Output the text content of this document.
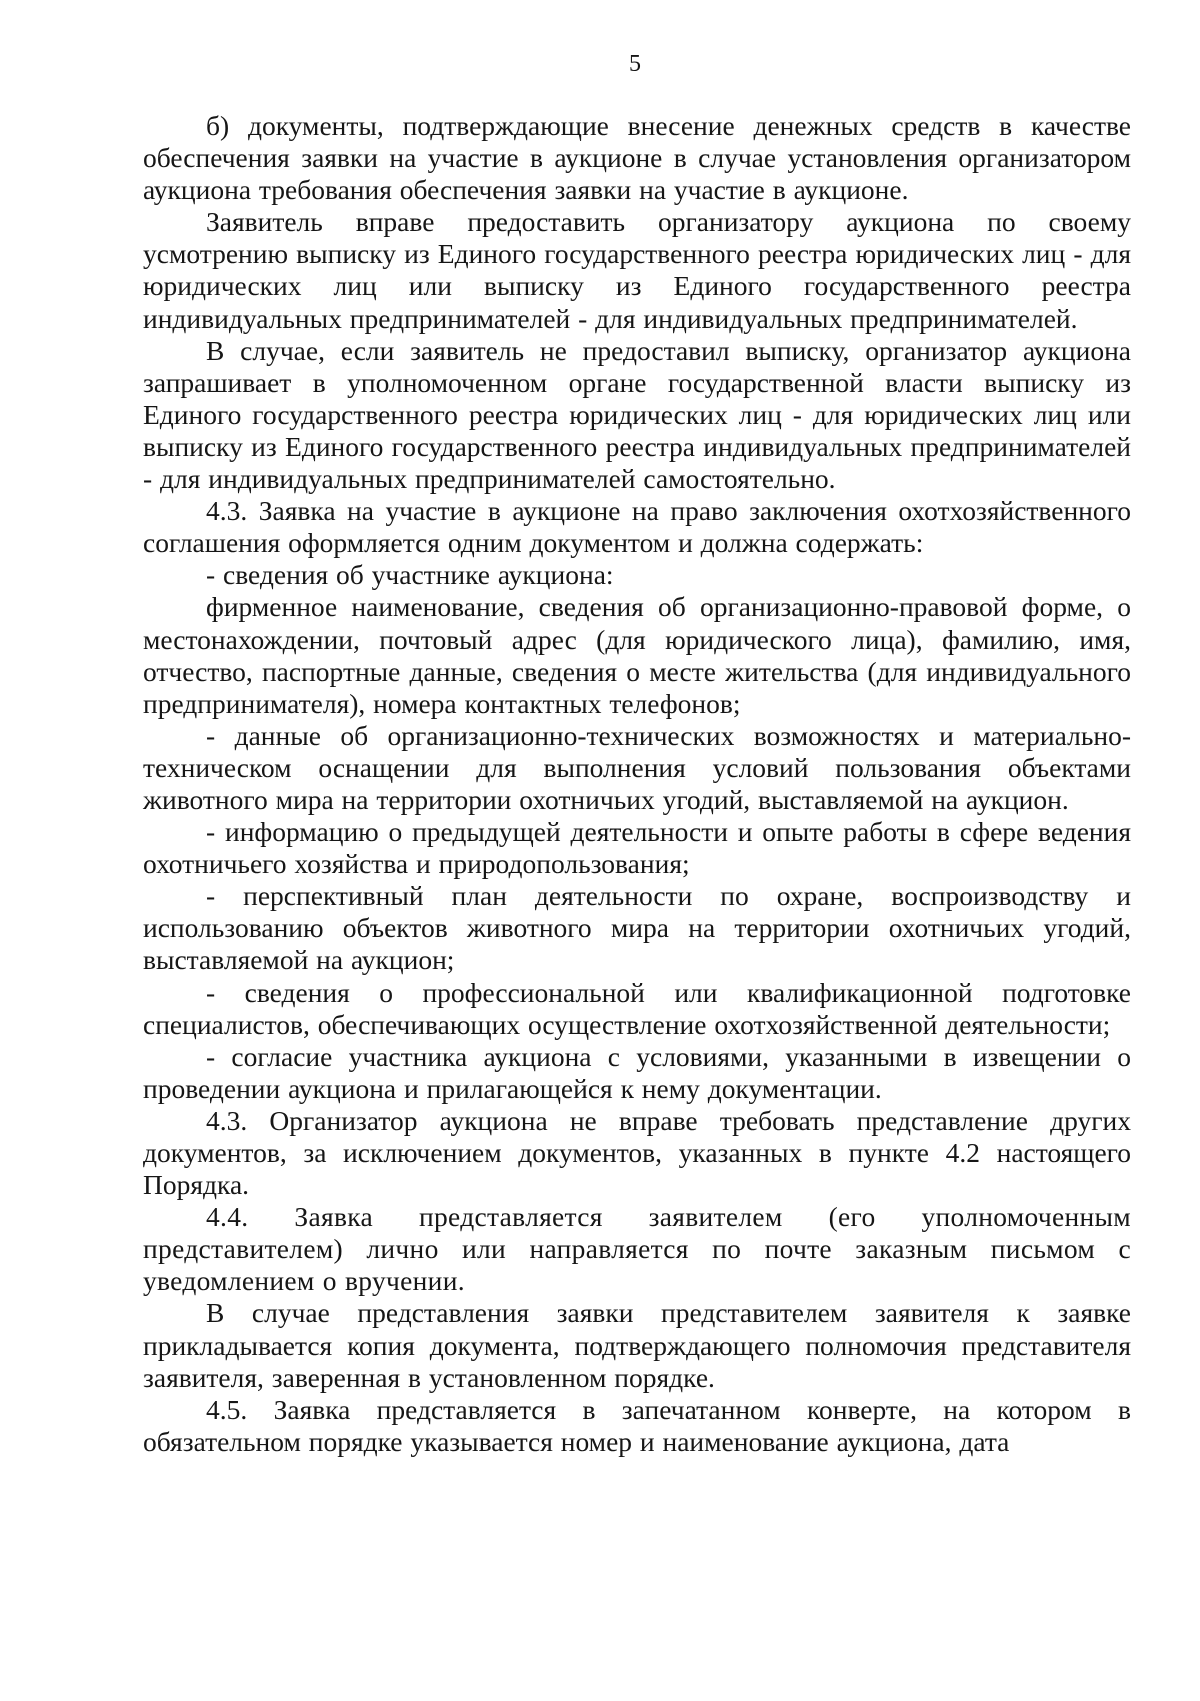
5

б) документы, подтверждающие внесение денежных средств в качестве обеспечения заявки на участие в аукционе в случае установления организатором аукциона требования обеспечения заявки на участие в аукционе.

Заявитель вправе предоставить организатору аукциона по своему усмотрению выписку из Единого государственного реестра юридических лиц - для юридических лиц или выписку из Единого государственного реестра индивидуальных предпринимателей - для индивидуальных предпринимателей.

В случае, если заявитель не предоставил выписку, организатор аукциона запрашивает в уполномоченном органе государственной власти выписку из Единого государственного реестра юридических лиц - для юридических лиц или выписку из Единого государственного реестра индивидуальных предпринимателей - для индивидуальных предпринимателей самостоятельно.

4.3. Заявка на участие в аукционе на право заключения охотхозяйственного соглашения оформляется одним документом и должна содержать:

- сведения об участнике аукциона:

фирменное наименование, сведения об организационно-правовой форме, о местонахождении, почтовый адрес (для юридического лица), фамилию, имя, отчество, паспортные данные, сведения о месте жительства (для индивидуального предпринимателя), номера контактных телефонов;

- данные об организационно-технических возможностях и материально-техническом оснащении для выполнения условий пользования объектами животного мира на территории охотничьих угодий, выставляемой на аукцион.

- информацию о предыдущей деятельности и опыте работы в сфере ведения охотничьего хозяйства и природопользования;

- перспективный план деятельности по охране, воспроизводству и использованию объектов животного мира на территории охотничьих угодий, выставляемой на аукцион;

- сведения о профессиональной или квалификационной подготовке специалистов, обеспечивающих осуществление охотхозяйственной деятельности;

- согласие участника аукциона с условиями, указанными в извещении о проведении аукциона и прилагающейся к нему документации.

4.3. Организатор аукциона не вправе требовать представление других документов, за исключением документов, указанных в пункте 4.2 настоящего Порядка.

4.4. Заявка представляется заявителем (его уполномоченным представителем) лично или направляется по почте заказным письмом с уведомлением о вручении.

В случае представления заявки представителем заявителя к заявке прикладывается копия документа, подтверждающего полномочия представителя заявителя, заверенная в установленном порядке.

4.5. Заявка представляется в запечатанном конверте, на котором в обязательном порядке указывается номер и наименование аукциона, дата
